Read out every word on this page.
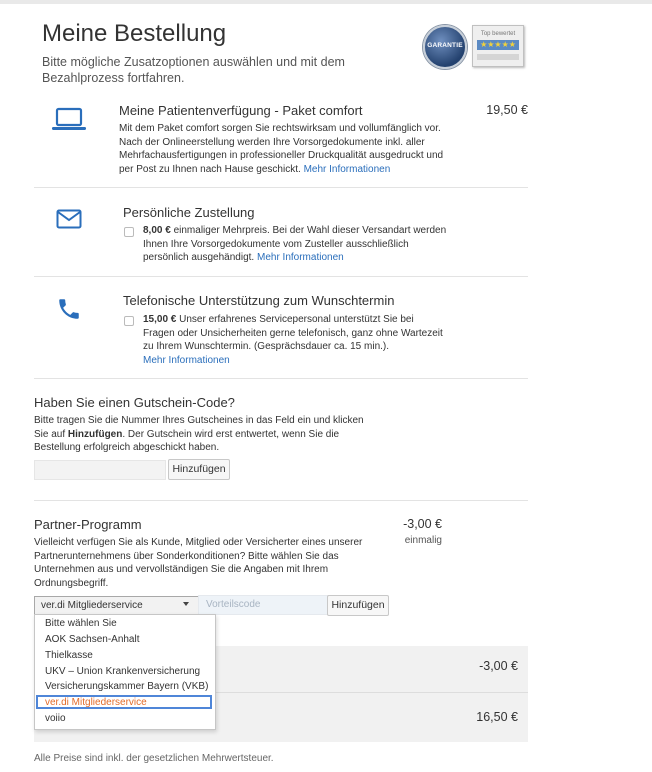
Meine Bestellung
Bitte mögliche Zusatzoptionen auswählen und mit dem Bezahlprozess fortfahren.
GARANTIE
Top bewertet
★★★★★
Meine Patientenverfügung - Paket comfort
Mit dem Paket comfort sorgen Sie rechtswirksam und vollumfänglich vor. Nach der Onlineerstellung werden Ihre Vorsorgedokumente inkl. aller Mehrfachausfertigungen in professioneller Druckqualität ausgedruckt und per Post zu Ihnen nach Hause geschickt. Mehr Informationen
19,50 €
Persönliche Zustellung
8,00 € einmaliger Mehrpreis. Bei der Wahl dieser Versandart werden Ihnen Ihre Vorsorgedokumente vom Zusteller ausschließlich persönlich ausgehändigt. Mehr Informationen
Telefonische Unterstützung zum Wunschtermin
15,00 € Unser erfahrenes Servicepersonal unterstützt Sie bei Fragen oder Unsicherheiten gerne telefonisch, ganz ohne Wartezeit zu Ihrem Wunschtermin. (Gesprächsdauer ca. 15 min.).
Mehr Informationen
Haben Sie einen Gutschein-Code?
Bitte tragen Sie die Nummer Ihres Gutscheines in das Feld ein und klicken Sie auf Hinzufügen. Der Gutschein wird erst entwertet, wenn Sie die Bestellung erfolgreich abgeschickt haben.
Hinzufügen
Partner-Programm
Vielleicht verfügen Sie als Kunde, Mitglied oder Versicherter eines unserer Partnerunternehmens über Sonderkonditionen? Bitte wählen Sie das Unternehmen aus und vervollständigen Sie die Angaben mit Ihrem Ordnungsbegriff.
-3,00 €
einmalig
ver.di Mitgliederservice	Vorteilscode	Hinzufügen
-3,00 €
16,50 €
Bitte wählen Sie
AOK Sachsen-Anhalt
Thielkasse
UKV – Union Krankenversicherung
Versicherungskammer Bayern (VKB)
ver.di Mitgliederservice
voiio
Alle Preise sind inkl. der gesetzlichen Mehrwertsteuer.
